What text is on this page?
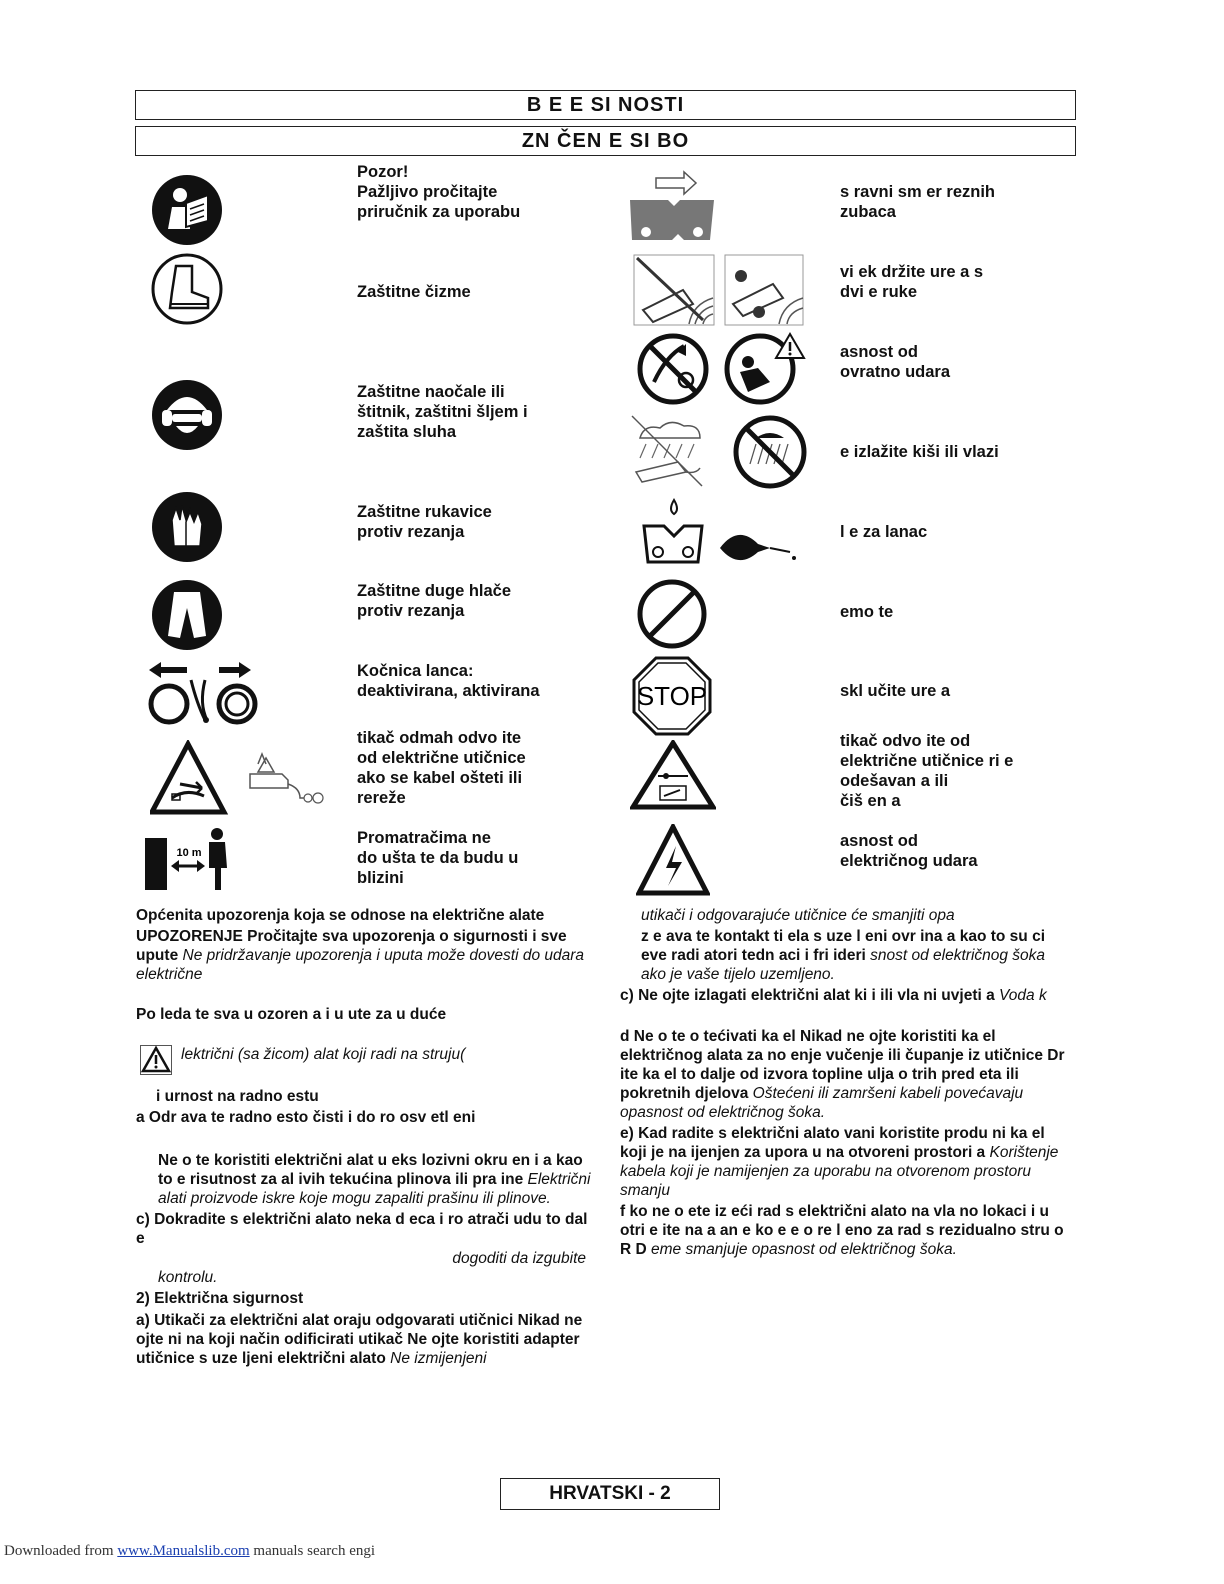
B E E SI NOSTI
ZN ČEN E SI BO
Pozor!
Pažljivo pročitajte
priručnik za uporabu
Zaštitne čizme
Zaštitne naočale ili
štitnik, zaštitni šljem i
zaštita sluha
Zaštitne rukavice
protiv rezanja
Zaštitne duge hlače
protiv rezanja
Kočnica lanca:
deaktivirana, aktivirana
tikač odmah odvo ite
od električne utičnice
ako se kabel ošteti ili
rereže
10 m
Promatračima ne
do ušta te da budu u
blizini
s ravni sm er reznih
zubaca
vi ek držite ure a s
dvi e ruke
asnost od
ovratno udara
e izlažite kiši ili vlazi
l e za lanac
emo te
STOP	skl učite ure a
tikač odvo ite od
električne utičnice ri e
odešavan a ili
čiš en a
asnost od
električnog udara

Općenita upozorenja koja se odnose na električne alate

UPOZORENJE Pročitajte sva upozorenja o sigurnosti i sve upute Ne pridržavanje upozorenja i uputa može dovesti do udara električne

Po leda te sva u ozoren a i u ute za u duće

lektrični (sa žicom) alat koji radi na struju(

i urnost na radno estu

a Odr ava te radno esto čisti i do ro osv etl eni

Ne o te koristiti električni alat u eks lozivni okru en i a kao to e risutnost za al ivih tekućina plinova ili pra ine Električni alati proizvode iskre koje mogu zapaliti prašinu ili plinove.

c) Dokradite s električni alato neka d eca i ro atrači udu to dal e

dogoditi da izgubite

kontrolu.

2) Električna sigurnost

a) Utikači za električni alat oraju odgovarati utičnici Nikad ne ojte ni na koji način odificirati utikač Ne ojte koristiti adapter utičnice s uze ljeni električni alato Ne izmijenjeni

utikači i odgovarajuće utičnice će smanjiti opa

z e ava te kontakt ti ela s uze l eni ovr ina a kao to su ci eve radi atori tedn aci i fri ideri snost od električnog šoka ako je vaše tijelo uzemljeno.

c) Ne ojte izlagati električni alat ki i ili vla ni uvjeti a Voda k

d Ne o te o tećivati ka el Nikad ne ojte koristiti ka el električnog alata za no enje vučenje ili čupanje iz utičnice Dr ite ka el to dalje od izvora topline ulja o trih pred eta ili pokretnih djelova Oštećeni ili zamršeni kabeli povećavaju opasnost od električnog šoka.

e) Kad radite s električni alato vani koristite produ ni ka el koji je na ijenjen za upora u na otvoreni prostori a Korištenje kabela koji je namijenjen za uporabu na otvorenom prostoru smanju

f ko ne o ete iz eći rad s električni alato na vla no lokaci i u otri e ite na a an e ko e e o re l eno za rad s rezidualno stru o R D eme smanjuje opasnost od električnog šoka.

HRVATSKI - 2
Downloaded from www.Manualslib.com manuals search engi
